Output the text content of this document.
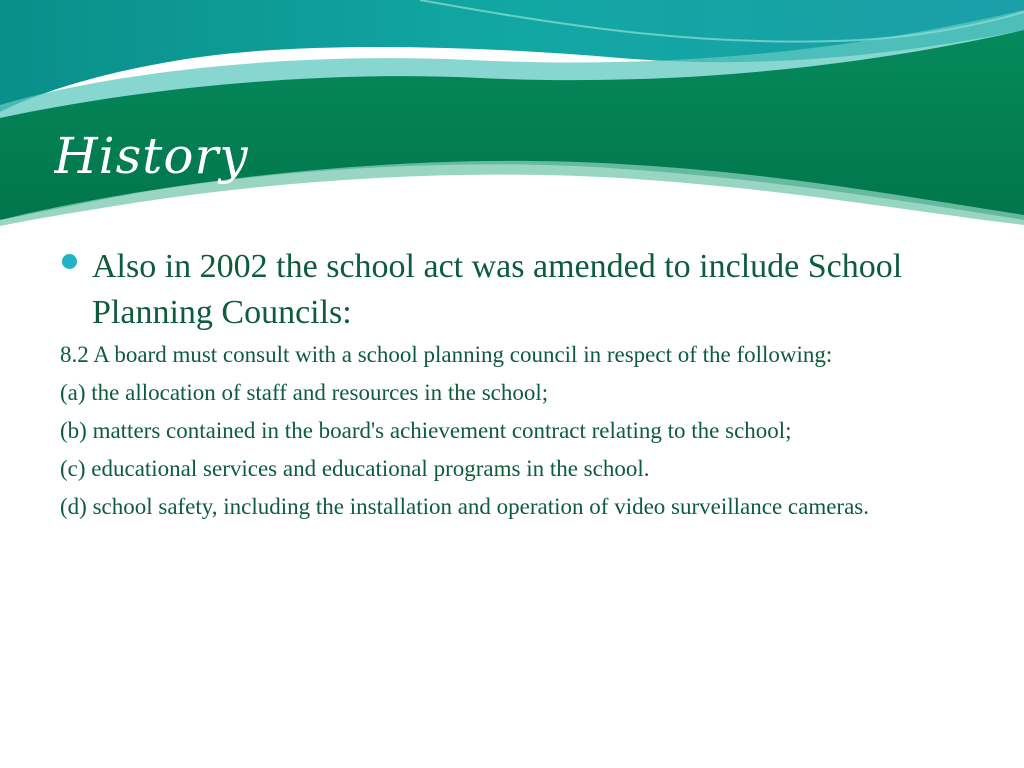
History

Also in 2002 the school act was amended to include School Planning Councils:

8.2 A board must consult with a school planning council in respect of the following:

(a) the allocation of staff and resources in the school;

(b) matters contained in the board's achievement contract relating to the school;

(c) educational services and educational programs in the school.

(d) school safety, including the installation and operation of video surveillance cameras.
